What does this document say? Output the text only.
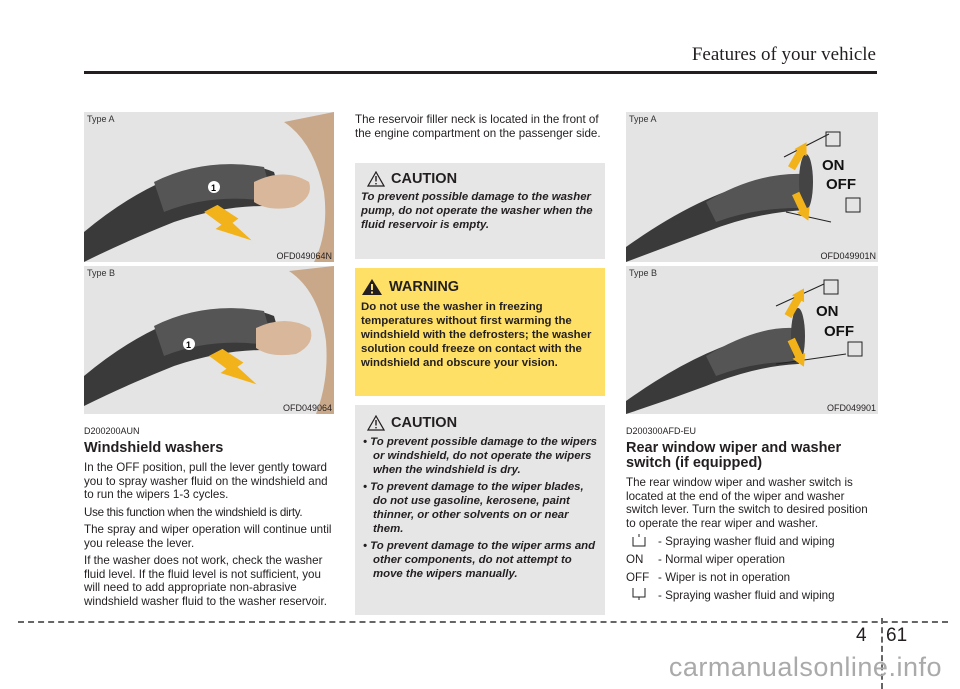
Features of your vehicle
1
Type A
OFD049064N
1
Type B
OFD049064
D200200AUN
Windshield washers

In the OFF position, pull the lever gently toward you to spray washer fluid on the windshield and to run the wipers 1-3 cycles.

Use this function when the windshield is dirty.

The spray and wiper operation will continue until you release the lever.

If the washer does not work, check the washer fluid level. If the fluid level is not sufficient, you will need to add appropriate non-abrasive windshield washer fluid to the washer reservoir.

The reservoir filler neck is located in the front of the engine compartment on the passenger side.

CAUTION
To prevent possible damage to the washer pump, do not operate the washer when the fluid reservoir is empty.
WARNING
Do not use the washer in freezing temperatures without first warming the windshield with the defrosters; the washer solution could freeze on contact with the windshield and obscure your vision.
CAUTION
• To prevent possible damage to the wipers or windshield, do not operate the wipers when the windshield is dry.
• To prevent damage to the wiper blades, do not use gasoline, kerosene, paint thinner, or other solvents on or near them.
• To prevent damage to the wiper arms and other components, do not attempt to move the wipers manually.
ON
OFF
Type A
OFD049901N
ON
OFF
Type B
OFD049901
D200300AFD-EU
Rear window wiper and washer switch (if equipped)

The rear window wiper and washer switch is located at the end of the wiper and washer switch lever. Turn the switch to desired position to operate the rear wiper and washer.

- Spraying washer fluid and wiping
ON	- Normal wiper operation
OFF - Wiper is not in operation
- Spraying washer fluid and wiping
4 61
carmanualsonline.info
